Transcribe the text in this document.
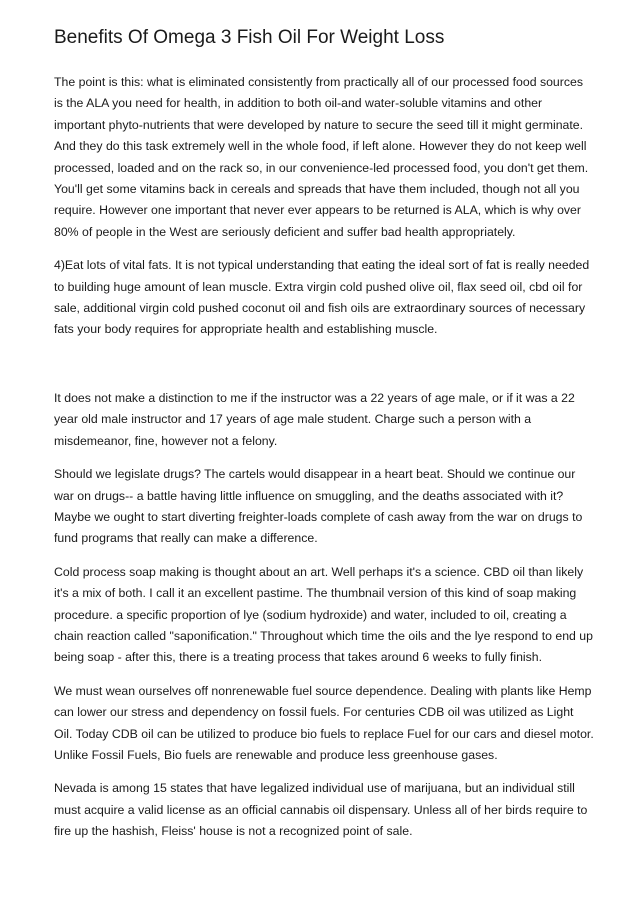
Benefits Of Omega 3 Fish Oil For Weight Loss

The point is this: what is eliminated consistently from practically all of our processed food sources is the ALA you need for health, in addition to both oil-and water-soluble vitamins and other important phyto-nutrients that were developed by nature to secure the seed till it might germinate. And they do this task extremely well in the whole food, if left alone. However they do not keep well processed, loaded and on the rack so, in our convenience-led processed food, you don't get them. You'll get some vitamins back in cereals and spreads that have them included, though not all you require. However one important that never ever appears to be returned is ALA, which is why over 80% of people in the West are seriously deficient and suffer bad health appropriately.

4)Eat lots of vital fats. It is not typical understanding that eating the ideal sort of fat is really needed to building huge amount of lean muscle. Extra virgin cold pushed olive oil, flax seed oil, cbd oil for sale, additional virgin cold pushed coconut oil and fish oils are extraordinary sources of necessary fats your body requires for appropriate health and establishing muscle.

It does not make a distinction to me if the instructor was a 22 years of age male, or if it was a 22 year old male instructor and 17 years of age male student. Charge such a person with a misdemeanor, fine, however not a felony.

Should we legislate drugs? The cartels would disappear in a heart beat. Should we continue our war on drugs-- a battle having little influence on smuggling, and the deaths associated with it? Maybe we ought to start diverting freighter-loads complete of cash away from the war on drugs to fund programs that really can make a difference.

Cold process soap making is thought about an art. Well perhaps it's a science. CBD oil than likely it's a mix of both. I call it an excellent pastime. The thumbnail version of this kind of soap making procedure. a specific proportion of lye (sodium hydroxide) and water, included to oil, creating a chain reaction called "saponification." Throughout which time the oils and the lye respond to end up being soap - after this, there is a treating process that takes around 6 weeks to fully finish.

We must wean ourselves off nonrenewable fuel source dependence. Dealing with plants like Hemp can lower our stress and dependency on fossil fuels. For centuries CDB oil was utilized as Light Oil. Today CDB oil can be utilized to produce bio fuels to replace Fuel for our cars and diesel motor. Unlike Fossil Fuels, Bio fuels are renewable and produce less greenhouse gases.

Nevada is among 15 states that have legalized individual use of marijuana, but an individual still must acquire a valid license as an official cannabis oil dispensary. Unless all of her birds require to fire up the hashish, Fleiss' house is not a recognized point of sale.
